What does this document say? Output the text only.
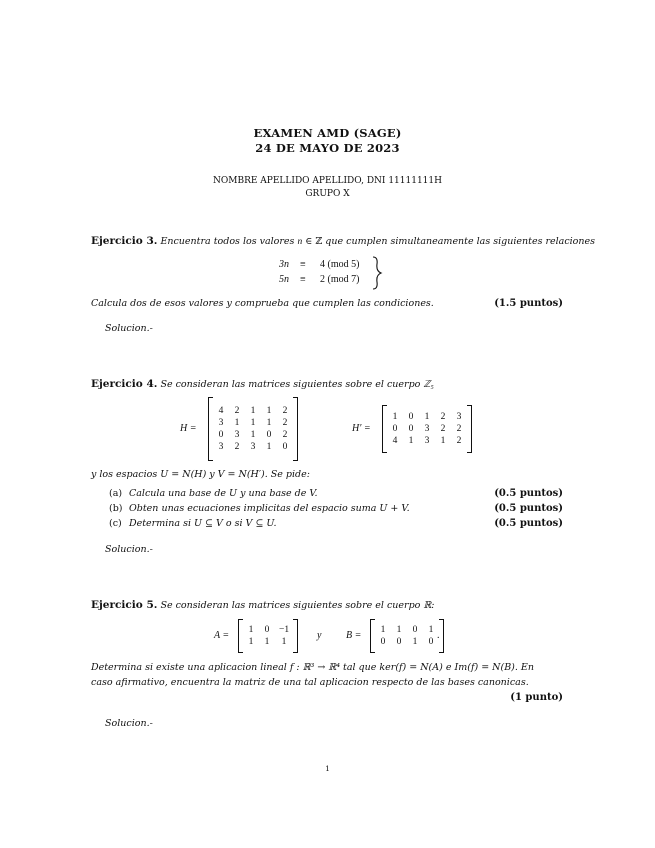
EXAMEN AMD (SAGE)
24 DE MAYO DE 2023
NOMBRE APELLIDO APELLIDO, DNI 11111111H
GRUPO X
Ejercicio 3. Encuentra todos los valores n ∈ ℤ que cumplen simultaneamente las siguientes relaciones
3n ≡ 4 (mod 5)
5n ≡ 2 (mod 7)
Calcula dos de esos valores y comprueba que cumplen las condiciones.	(1.5 puntos)
Solucion.-
Ejercicio 4. Se consideran las matrices siguientes sobre el cuerpo ℤ₅
H =
4 2 1 1 2
3 1 1 1 2
0 3 1 0 2
3 2 3 1 0
H′ =
1 0 1 2 3
0 0 3 2 2
4 1 3 1 2
y los espacios U = N(H) y V = N(H′). Se pide:
(a) Calcula una base de U y una base de V.	(0.5 puntos)
(b) Obten unas ecuaciones implicitas del espacio suma U + V.	(0.5 puntos)
(c) Determina si U ⊆ V o si V ⊆ U.	(0.5 puntos)
Solucion.-
Ejercicio 5. Se consideran las matrices siguientes sobre el cuerpo ℝ:
A = 1 0 −1
1 1 1
y B = 1 1 0 1
0 0 1 0
.
Determina si existe una aplicacion lineal f : ℝ³ → ℝ⁴ tal que ker(f) = N(A) e Im(f) = N(B). En
caso afirmativo, encuentra la matriz de una tal aplicacion respecto de las bases canonicas.
(1 punto)
Solucion.-
1
